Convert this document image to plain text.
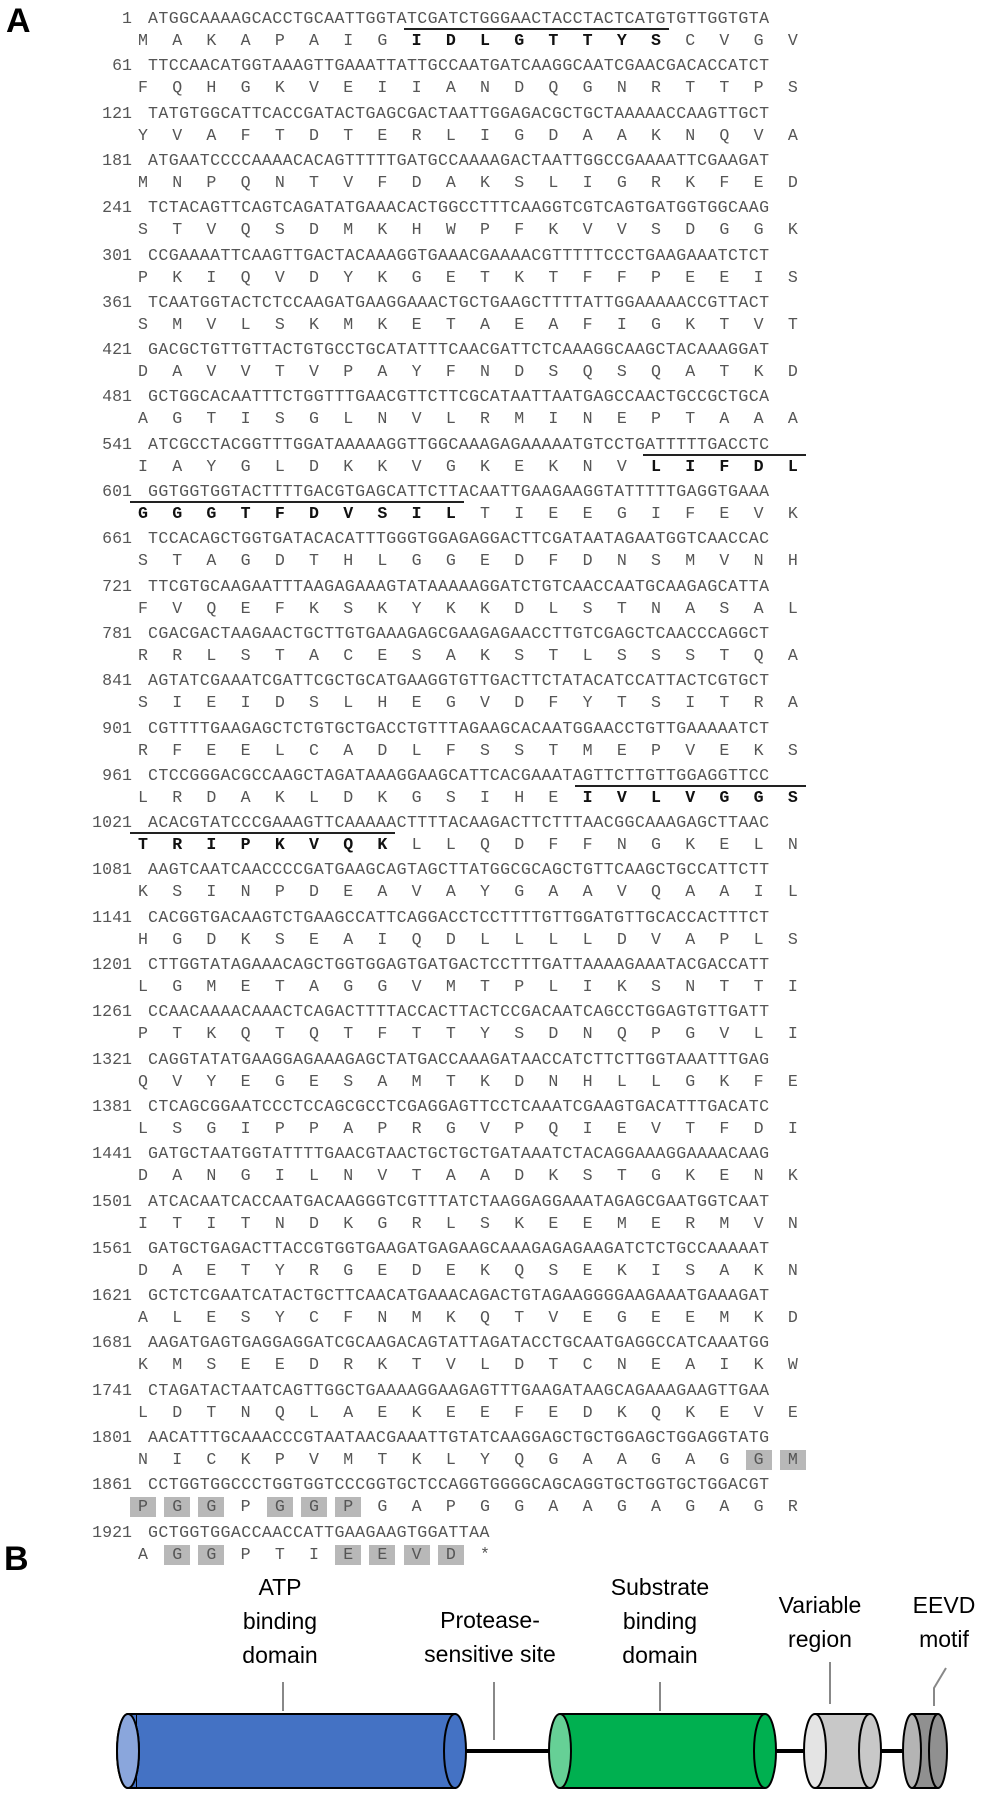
A	1 ATGGCAAAAGCACCTGCAATTGGTATCGATCTGGGAACTACCTACTCATGTGTTGGTGTA
M	A	K	A	P	A	I	G	I	D	L	G	T	T	Y	S	C	V	G	V
61 TTCCAACATGGTAAAGTTGAAATTATTGCCAATGATCAAGGCAATCGAACGACACCATCT
F	Q	H	G	K	V	E	I	I	A	N	D	Q	G	N	R	T	T	P	S
121 TATGTGGCATTCACCGATACTGAGCGACTAATTGGAGACGCTGCTAAAAACCAAGTTGCT
Y	V	A	F	T	D	T	E	R	L	I	G	D	A	A	K	N	Q	V	A
181 ATGAATCCCCAAAACACAGTTTTTGATGCCAAAAGACTAATTGGCCGAAAATTCGAAGAT
M	N	P	Q	N	T	V	F	D	A	K	S	L	I	G	R	K	F	E	D
241 TCTACAGTTCAGTCAGATATGAAACACTGGCCTTTCAAGGTCGTCAGTGATGGTGGCAAG
S	T	V	Q	S	D	M	K	H	W	P	F	K	V	V	S	D	G	G	K
301 CCGAAAATTCAAGTTGACTACAAAGGTGAAACGAAAACGTTTTTCCCTGAAGAAATCTCT
P	K	I	Q	V	D	Y	K	G	E	T	K	T	F	F	P	E	E	I	S
361 TCAATGGTACTCTCCAAGATGAAGGAAACTGCTGAAGCTTTTATTGGAAAAACCGTTACT
S	M	V	L	S	K	M	K	E	T	A	E	A	F	I	G	K	T	V	T
421 GACGCTGTTGTTACTGTGCCTGCATATTTCAACGATTCTCAAAGGCAAGCTACAAAGGAT
D	A	V	V	T	V	P	A	Y	F	N	D	S	Q	S	Q	A	T	K	D
481 GCTGGCACAATTTCTGGTTTGAACGTTCTTCGCATAATTAATGAGCCAACTGCCGCTGCA
A	G	T	I	S	G	L	N	V	L	R	M	I	N	E	P	T	A	A	A
541 ATCGCCTACGGTTTGGATAAAAAGGTTGGCAAAGAGAAAAATGTCCTGATTTTTGACCTC
I	A	Y	G	L	D	K	K	V	G	K	E	K	N	V	L	I	F	D	L
601 GGTGGTGGTACTTTTGACGTGAGCATTCTTACAATTGAAGAAGGTATTTTTGAGGTGAAA
G	G	G	T	F	D	V	S	I	L	T	I	E	E	G	I	F	E	V	K
661 TCCACAGCTGGTGATACACATTTGGGTGGAGAGGACTTCGATAATAGAATGGTCAACCAC
S	T	A	G	D	T	H	L	G	G	E	D	F	D	N	S	M	V	N	H
721 TTCGTGCAAGAATTTAAGAGAAAGTATAAAAAGGATCTGTCAACCAATGCAAGAGCATTA
F	V	Q	E	F	K	S	K	Y	K	K	D	L	S	T	N	A	S	A	L
781 CGACGACTAAGAACTGCTTGTGAAAGAGCGAAGAGAACCTTGTCGAGCTCAACCCAGGCT
R	R	L	S	T	A	C	E	S	A	K	S	T	L	S	S	S	T	Q	A
841 AGTATCGAAATCGATTCGCTGCATGAAGGTGTTGACTTCTATACATCCATTACTCGTGCT
S	I	E	I	D	S	L	H	E	G	V	D	F	Y	T	S	I	T	R	A
901 CGTTTTGAAGAGCTCTGTGCTGACCTGTTTAGAAGCACAATGGAACCTGTTGAAAAATCT
R	F	E	E	L	C	A	D	L	F	S	S	T	M	E	P	V	E	K	S
961 CTCCGGGACGCCAAGCTAGATAAAGGAAGCATTCACGAAATAGTTCTTGTTGGAGGTTCC
L	R	D	A	K	L	D	K	G	S	I	H	E	I	V	L	V	G	G	S
1021 ACACGTATCCCGAAAGTTCAAAAACTTTTACAAGACTTCTTTAACGGCAAAGAGCTTAAC
T	R	I	P	K	V	Q	K	L	L	Q	D	F	F	N	G	K	E	L	N
1081 AAGTCAATCAACCCCGATGAAGCAGTAGCTTATGGCGCAGCTGTTCAAGCTGCCATTCTT
K	S	I	N	P	D	E	A	V	A	Y	G	A	A	V	Q	A	A	I	L
1141 CACGGTGACAAGTCTGAAGCCATTCAGGACCTCCTTTTGTTGGATGTTGCACCACTTTCT
H	G	D	K	S	E	A	I	Q	D	L	L	L	L	D	V	A	P	L	S
1201 CTTGGTATAGAAACAGCTGGTGGAGTGATGACTCCTTTGATTAAAAGAAATACGACCATT
L	G	M	E	T	A	G	G	V	M	T	P	L	I	K	S	N	T	T	I
1261 CCAACAAAACAAACTCAGACTTTTACCACTTACTCCGACAATCAGCCTGGAGTGTTGATT
P	T	K	Q	T	Q	T	F	T	T	Y	S	D	N	Q	P	G	V	L	I
1321 CAGGTATATGAAGGAGAAAGAGCTATGACCAAAGATAACCATCTTCTTGGTAAATTTGAG
Q	V	Y	E	G	E	S	A	M	T	K	D	N	H	L	L	G	K	F	E
1381 CTCAGCGGAATCCCTCCAGCGCCTCGAGGAGTTCCTCAAATCGAAGTGACATTTGACATC
L	S	G	I	P	P	A	P	R	G	V	P	Q	I	E	V	T	F	D	I
1441 GATGCTAATGGTATTTTGAACGTAACTGCTGCTGATAAATCTACAGGAAAGGAAAACAAG
D	A	N	G	I	L	N	V	T	A	A	D	K	S	T	G	K	E	N	K
1501 ATCACAATCACCAATGACAAGGGTCGTTTATCTAAGGAGGAAATAGAGCGAATGGTCAAT
I	T	I	T	N	D	K	G	R	L	S	K	E	E	M	E	R	M	V	N
1561 GATGCTGAGACTTACCGTGGTGAAGATGAGAAGCAAAGAGAGAAGATCTCTGCCAAAAAT
D	A	E	T	Y	R	G	E	D	E	K	Q	S	E	K	I	S	A	K	N
1621 GCTCTCGAATCATACTGCTTCAACATGAAACAGACTGTAGAAGGGGAAGAAATGAAAGAT
A	L	E	S	Y	C	F	N	M	K	Q	T	V	E	G	E	E	M	K	D
1681 AAGATGAGTGAGGAGGATCGCAAGACAGTATTAGATACCTGCAATGAGGCCATCAAATGG
K	M	S	E	E	D	R	K	T	V	L	D	T	C	N	E	A	I	K	W
1741 CTAGATACTAATCAGTTGGCTGAAAAGGAAGAGTTTGAAGATAAGCAGAAAGAAGTTGAA
L	D	T	N	Q	L	A	E	K	E	E	F	E	D	K	Q	K	E	V	E
1801 AACATTTGCAAACCCGTAATAACGAAATTGTATCAAGGAGCTGCTGGAGCTGGAGGTATG
N	I	C	K	P	V	M	T	K	L	Y	Q	G	A	A	G	A	G	G	M
1861 CCTGGTGGCCCTGGTGGTCCCGGTGCTCCAGGTGGGGCAGCAGGTGCTGGTGCTGGACGT
P	G	G	P	G	G	P	G	A	P	G	G	A	A	G	A	G	A	G	R
1921 GCTGGTGGACCAACCATTGAAGAAGTGGATTAA
A	G	G	P	T	I	E	E	V	D	*
B
ATP
binding
domain
Protease-
sensitive site
Substrate
binding
domain
Variable
region
EEVD
motif
